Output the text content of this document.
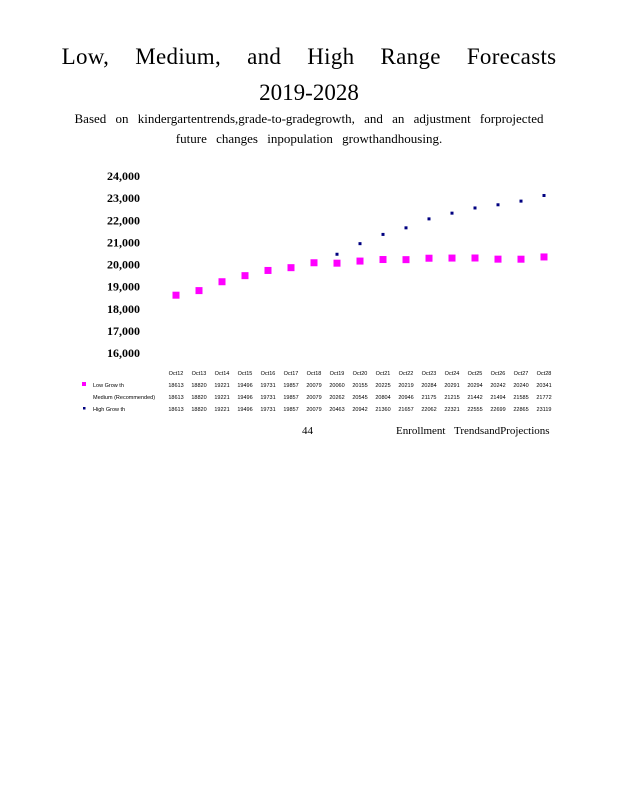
Low, Medium, and High Range Forecasts
2019-2028
Based on kindergartentrends,grade-to-gradegrowth, and an adjustment forprojected
future changes inpopulation growthandhousing.
24,000
23,000
22,000
21,000
20,000
19,000
18,000
17,000
16,000
Oct12 Oct13 Oct14 Oct15 Oct16 Oct17 Oct18 Oct19 Oct20 Oct21 Oct22 Oct23 Oct24 Oct25 Oct26 Oct27 Oct28
Low Grow th	18613 18820 19221 19496 19731 19857 20079 20060 20155 20225 20219 20284 20291 20294 20242 20240 20341
Medium (Recommended) 18613 18820 19221 19496 19731 19857 20079 20262 20545 20804 20946 21175 21215 21442 21494 21585 21772
High Grow th	18613 18820 19221 19496 19731 19857 20079 20463 20942 21360 21657 22062 22321 22555 22699 22865 23119
44	Enrollment TrendsandProjections
